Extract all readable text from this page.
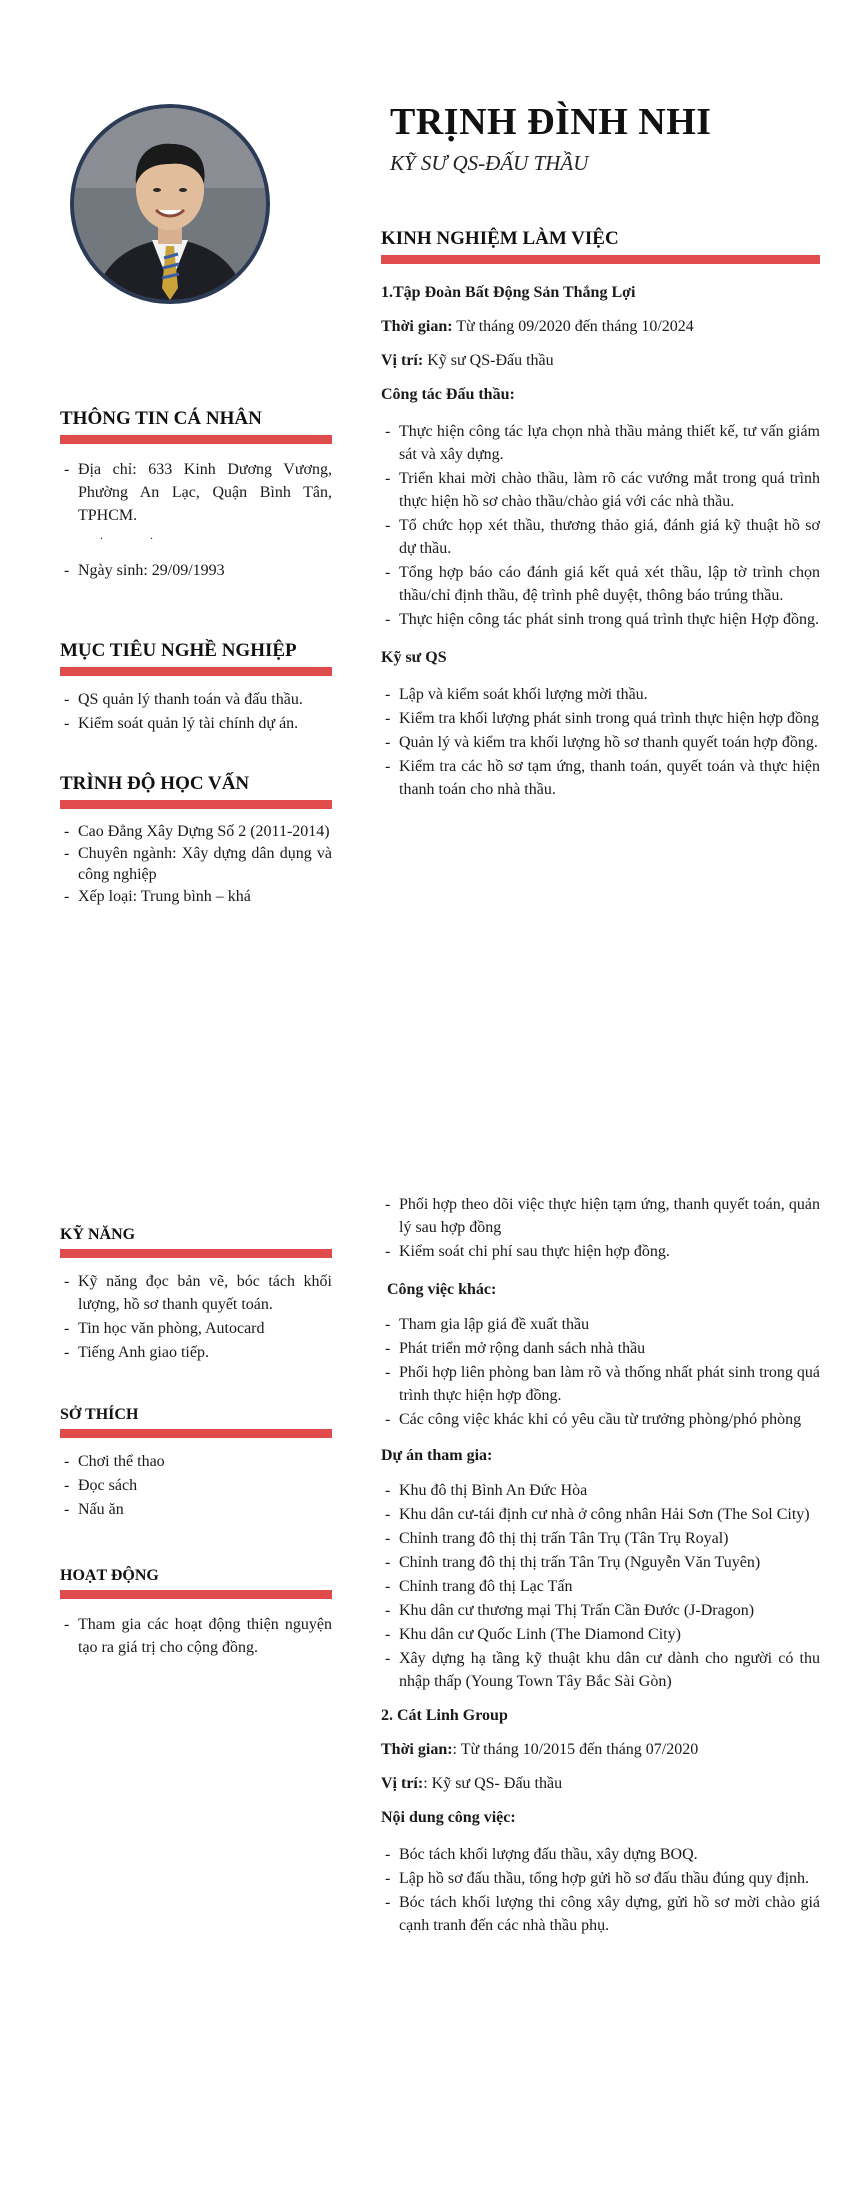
TRỊNH ĐÌNH NHI
KỸ SƯ QS-ĐẤU THẦU
THÔNG TIN CÁ NHÂN
- Địa chỉ: 633 Kinh Dương Vương, Phường An Lạc, Quận Bình Tân, TPHCM.
. .
- Ngày sinh: 29/09/1993
MỤC TIÊU NGHỀ NGHIỆP
- QS quản lý thanh toán và đấu thầu.
- Kiểm soát quản lý tài chính dự án.
TRÌNH ĐỘ HỌC VẤN
- Cao Đẳng Xây Dựng Số 2 (2011-2014)
- Chuyên ngành: Xây dựng dân dụng và công nghiệp
- Xếp loại: Trung bình – khá
KỸ NĂNG
- Kỹ năng đọc bản vẽ, bóc tách khối lượng, hồ sơ thanh quyết toán.
- Tin học văn phòng, Autocard
- Tiếng Anh giao tiếp.
SỞ THÍCH
- Chơi thể thao
- Đọc sách
- Nấu ăn
HOẠT ĐỘNG
- Tham gia các hoạt động thiện nguyện tạo ra giá trị cho cộng đồng.
KINH NGHIỆM LÀM VIỆC
1.Tập Đoàn Bất Động Sản Thắng Lợi
Thời gian: Từ tháng 09/2020 đến tháng 10/2024
Vị trí: Kỹ sư QS-Đấu thầu
Công tác Đấu thầu:
- Thực hiện công tác lựa chọn nhà thầu mảng thiết kế, tư vấn giám sát và xây dựng.
- Triển khai mời chào thầu, làm rõ các vướng mắt trong quá trình thực hiện hồ sơ chào thầu/chào giá với các nhà thầu.
- Tổ chức họp xét thầu, thương thảo giá, đánh giá kỹ thuật hồ sơ dự thầu.
- Tổng hợp báo cáo đánh giá kết quả xét thầu, lập tờ trình chọn thầu/chỉ định thầu, đệ trình phê duyệt, thông báo trúng thầu.
- Thực hiện công tác phát sinh trong quá trình thực hiện Hợp đồng.
Kỹ sư QS
- Lập và kiểm soát khối lượng mời thầu.
- Kiểm tra khối lượng phát sinh trong quá trình thực hiện hợp đồng
- Quản lý và kiểm tra khối lượng hồ sơ thanh quyết toán hợp đồng.
- Kiểm tra các hồ sơ tạm ứng, thanh toán, quyết toán và thực hiện thanh toán cho nhà thầu.
- Phối hợp theo dõi việc thực hiện tạm ứng, thanh quyết toán, quản lý sau hợp đồng
- Kiểm soát chi phí sau thực hiện hợp đồng.
Công việc khác:
- Tham gia lập giá đề xuất thầu
- Phát triển mở rộng danh sách nhà thầu
- Phối hợp liên phòng ban làm rõ và thống nhất phát sinh trong quá trình thực hiện hợp đồng.
- Các công việc khác khi có yêu cầu từ trưởng phòng/phó phòng
Dự án tham gia:
- Khu đô thị Bình An Đức Hòa
- Khu dân cư-tái định cư nhà ở công nhân Hải Sơn (The Sol City)
- Chỉnh trang đô thị thị trấn Tân Trụ (Tân Trụ Royal)
- Chỉnh trang đô thị thị trấn Tân Trụ (Nguyễn Văn Tuyên)
- Chỉnh trang đô thị Lạc Tấn
- Khu dân cư thương mại Thị Trấn Cần Đước (J-Dragon)
- Khu dân cư Quốc Linh (The Diamond City)
- Xây dựng hạ tầng kỹ thuật khu dân cư dành cho người có thu nhập thấp (Young Town Tây Bắc Sài Gòn)
2. Cát Linh Group
Thời gian:: Từ tháng 10/2015 đến tháng 07/2020
Vị trí:: Kỹ sư QS- Đấu thầu
Nội dung công việc:
- Bóc tách khối lượng đấu thầu, xây dựng BOQ.
- Lập hồ sơ đấu thầu, tổng hợp gửi hồ sơ đấu thầu đúng quy định.
- Bóc tách khối lượng thi công xây dựng, gửi hồ sơ mời chào giá cạnh tranh đến các nhà thầu phụ.
